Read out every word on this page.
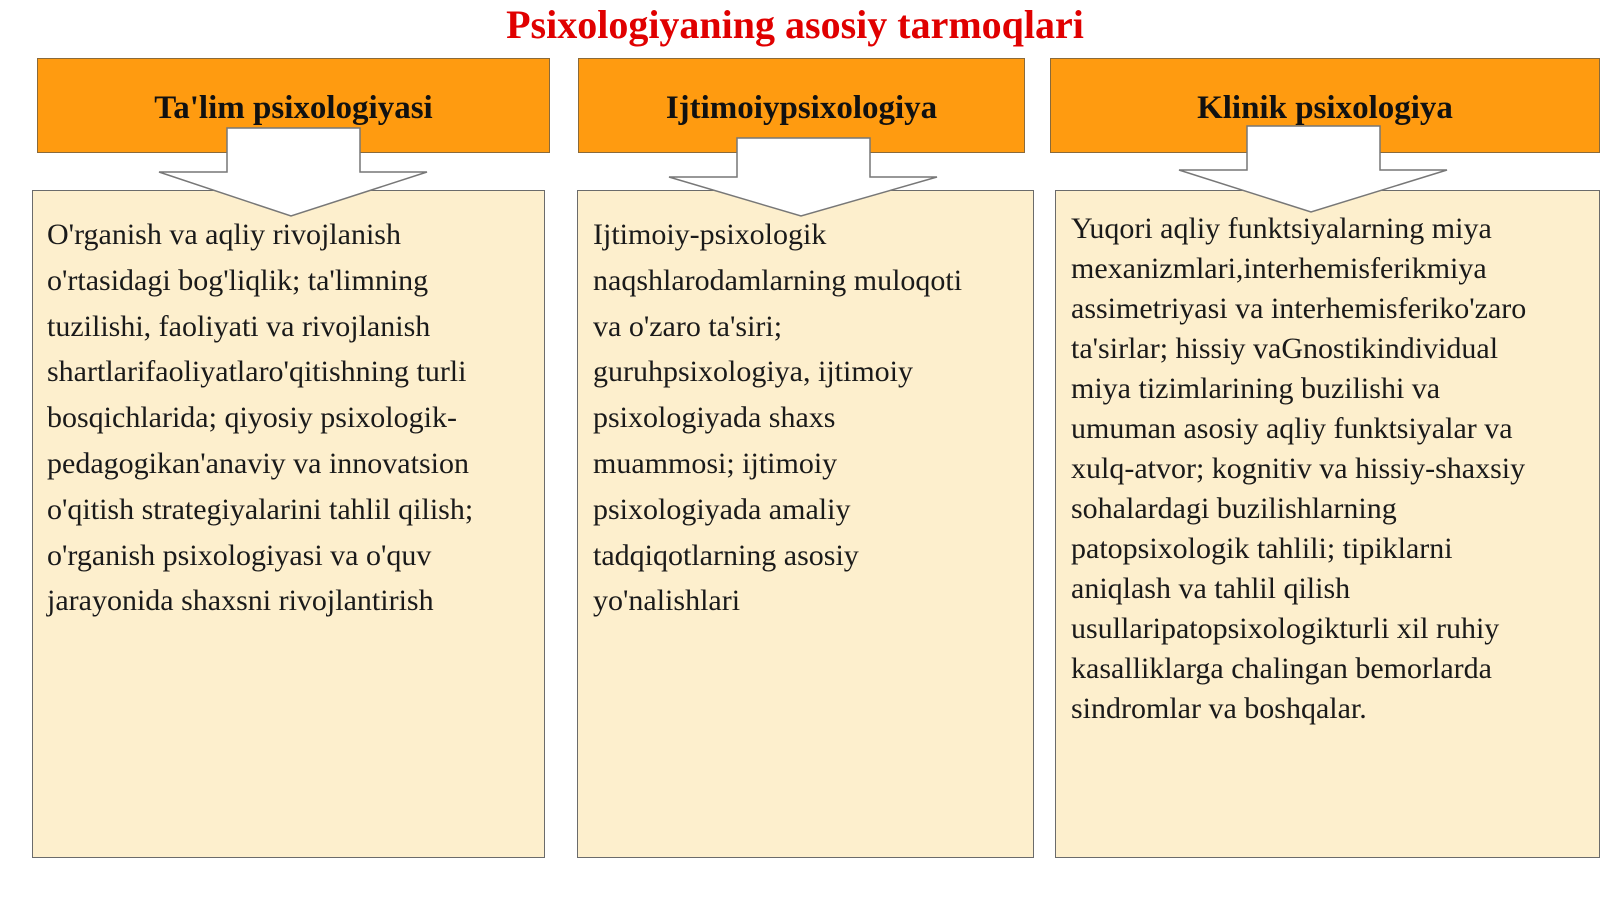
Psixologiyaning asosiy tarmoqlari
Ta'lim psixologiyasi
O'rganish va aqliy rivojlanish
o'rtasidagi bog'liqlik; ta'limning
tuzilishi, faoliyati va rivojlanish
shartlarifaoliyatlaro'qitishning turli
bosqichlarida; qiyosiy psixologik-
pedagogikan'anaviy va innovatsion
o'qitish strategiyalarini tahlil qilish;
o'rganish psixologiyasi va o'quv
jarayonida shaxsni rivojlantirish
Ijtimoiypsixologiya
Ijtimoiy-psixologik
naqshlarodamlarning muloqoti
va o'zaro ta'siri;
guruhpsixologiya, ijtimoiy
psixologiyada shaxs
muammosi; ijtimoiy
psixologiyada amaliy
tadqiqotlarning asosiy
yo'nalishlari
Klinik psixologiya
Yuqori aqliy funktsiyalarning miya
mexanizmlari,interhemisferikmiya
assimetriyasi va interhemisferiko'zaro
ta'sirlar; hissiy vaGnostikindividual
miya tizimlarining buzilishi va
umuman asosiy aqliy funktsiyalar va
xulq-atvor; kognitiv va hissiy-shaxsiy
sohalardagi buzilishlarning
patopsixologik tahlili; tipiklarni
aniqlash va tahlil qilish
usullaripatopsixologikturli xil ruhiy
kasalliklarga chalingan bemorlarda
sindromlar va boshqalar.
